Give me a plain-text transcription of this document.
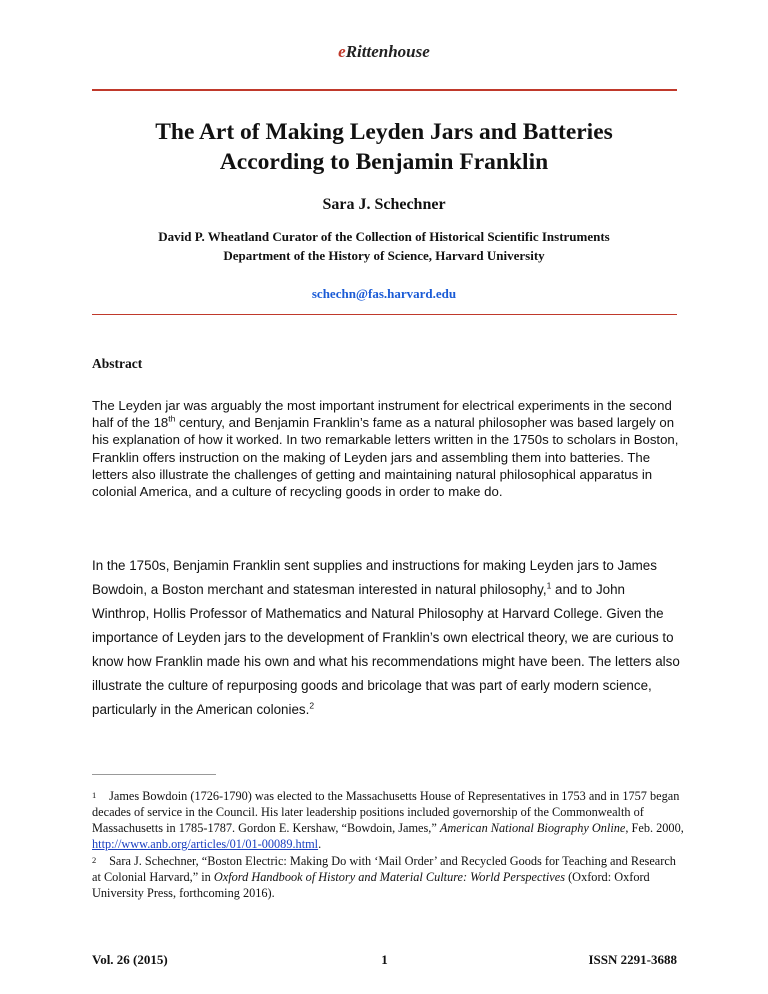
eRittenhouse
The Art of Making Leyden Jars and Batteries
According to Benjamin Franklin
Sara J. Schechner
David P. Wheatland Curator of the Collection of Historical Scientific Instruments
Department of the History of Science, Harvard University
schechn@fas.harvard.edu
Abstract
The Leyden jar was arguably the most important instrument for electrical experiments in the second half of the 18th century, and Benjamin Franklin’s fame as a natural philosopher was based largely on his explanation of how it worked. In two remarkable letters written in the 1750s to scholars in Boston, Franklin offers instruction on the making of Leyden jars and assembling them into batteries. The letters also illustrate the challenges of getting and maintaining natural philosophical apparatus in colonial America, and a culture of recycling goods in order to make do.
In the 1750s, Benjamin Franklin sent supplies and instructions for making Leyden jars to James Bowdoin, a Boston merchant and statesman interested in natural philosophy,$^1$ and to John Winthrop, Hollis Professor of Mathematics and Natural Philosophy at Harvard College. Given the importance of Leyden jars to the development of Franklin’s own electrical theory, we are curious to know how Franklin made his own and what his recommendations might have been. The letters also illustrate the culture of repurposing goods and bricolage that was part of early modern science, particularly in the American colonies.$^2$
1 James Bowdoin (1726-1790) was elected to the Massachusetts House of Representatives in 1753 and in 1757 began decades of service in the Council. His later leadership positions included governorship of the Commonwealth of Massachusetts in 1785-1787. Gordon E. Kershaw, “Bowdoin, James,” American National Biography Online, Feb. 2000, http://www.anb.org/articles/01/01-00089.html.
2 Sara J. Schechner, “Boston Electric: Making Do with ‘Mail Order’ and Recycled Goods for Teaching and Research at Colonial Harvard,” in Oxford Handbook of History and Material Culture: World Perspectives (Oxford: Oxford University Press, forthcoming 2016).
Vol. 26 (2015)	1	ISSN 2291-3688
